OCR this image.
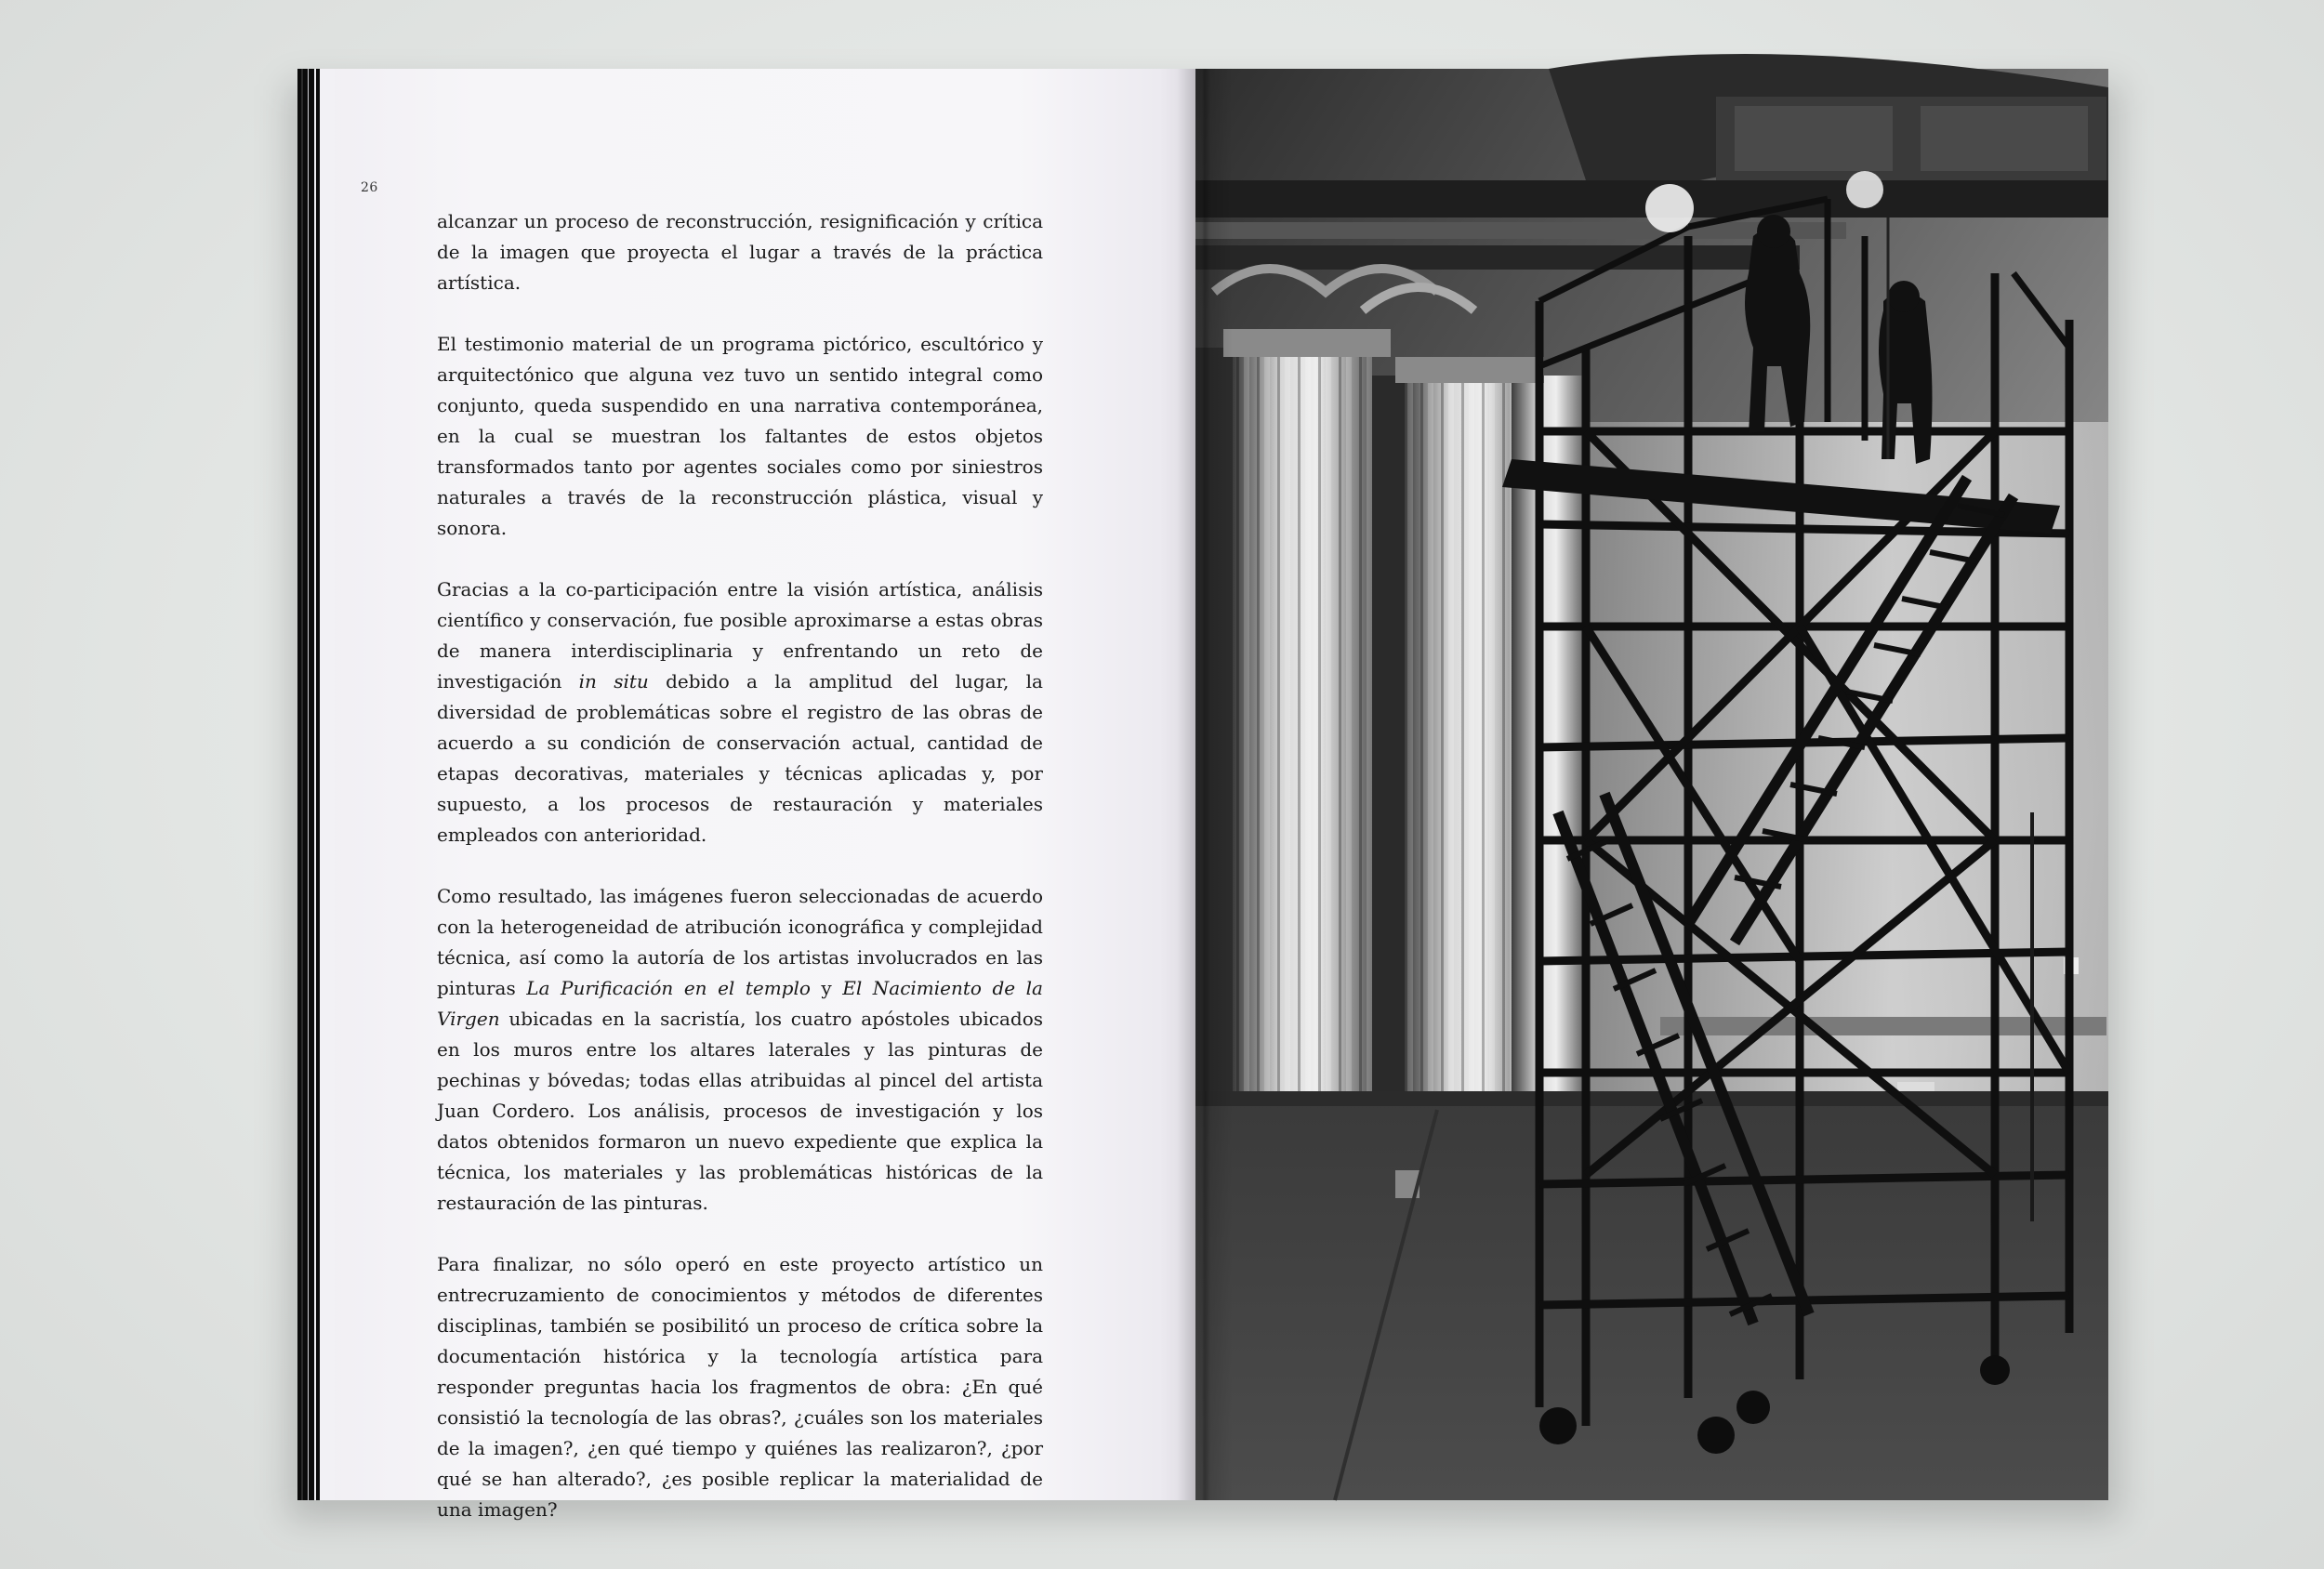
26

alcanzar un proceso de reconstrucción, resignificación y crítica de la imagen que proyecta el lugar a través de la práctica artística.

El testimonio material de un programa pictórico, escultórico y arquitectónico que alguna vez tuvo un sentido integral como conjunto, queda suspendido en una narrativa contemporánea, en la cual se muestran los faltantes de estos objetos transformados tanto por agentes sociales como por siniestros naturales a través de la reconstrucción plástica, visual y sonora.

Gracias a la co-participación entre la visión artística, análisis científico y conservación, fue posible aproximarse a estas obras de manera interdisciplinaria y enfrentando un reto de investigación in situ debido a la amplitud del lugar, la diversidad de problemáticas sobre el registro de las obras de acuerdo a su condición de conservación actual, cantidad de etapas decorativas, materiales y técnicas aplicadas y, por supuesto, a los procesos de restauración y materiales empleados con anterioridad.

Como resultado, las imágenes fueron seleccionadas de acuerdo con la heterogeneidad de atribución iconográfica y complejidad técnica, así como la autoría de los artistas involucrados en las pinturas La Purificación en el templo y El Nacimiento de la Virgen ubicadas en la sacristía, los cuatro apóstoles ubicados en los muros entre los altares laterales y las pinturas de pechinas y bóvedas; todas ellas atribuidas al pincel del artista Juan Cordero. Los análisis, procesos de investigación y los datos obtenidos formaron un nuevo expediente que explica la técnica, los materiales y las problemáticas históricas de la restauración de las pinturas.

Para finalizar, no sólo operó en este proyecto artístico un entrecruzamiento de conocimientos y métodos de diferentes disciplinas, también se posibilitó un proceso de crítica sobre la documentación histórica y la tecnología artística para responder preguntas hacia los fragmentos de obra: ¿En qué consistió la tecnología de las obras?, ¿cuáles son los materiales de la imagen?, ¿en qué tiempo y quiénes las realizaron?, ¿por qué se han alterado?, ¿es posible replicar la materialidad de una imagen?
